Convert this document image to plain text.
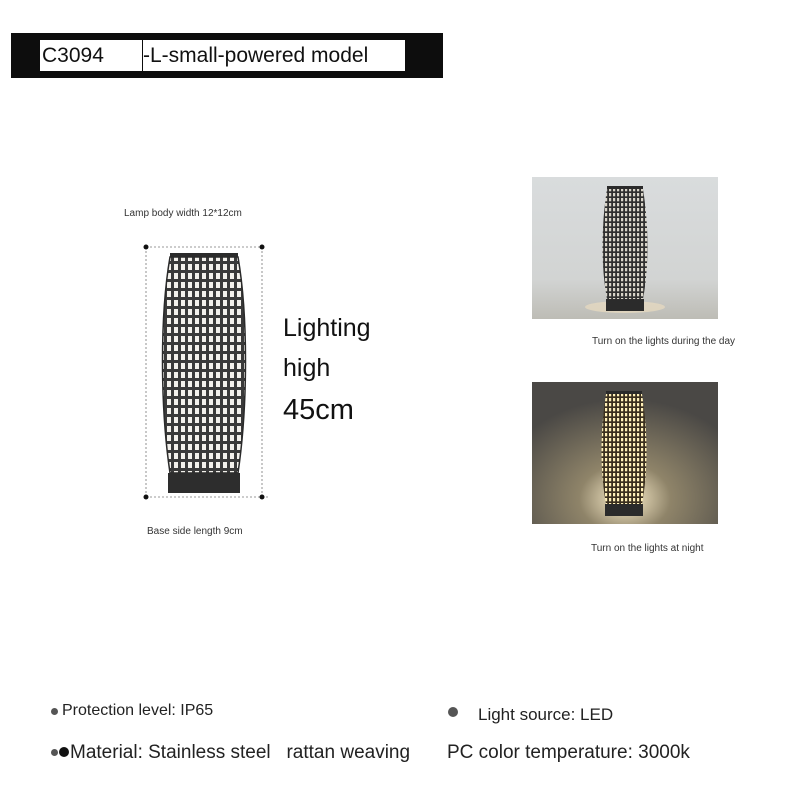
C3094	-L-small-powered model
Lamp body width 12*12cm
Base side length 9cm
Lighting
high
45cm
Turn on the lights during the day
Turn on the lights at night
Protection level: IP65	Light source: LED
Material: Stainless steel   rattan weaving PC color temperature: 3000k
